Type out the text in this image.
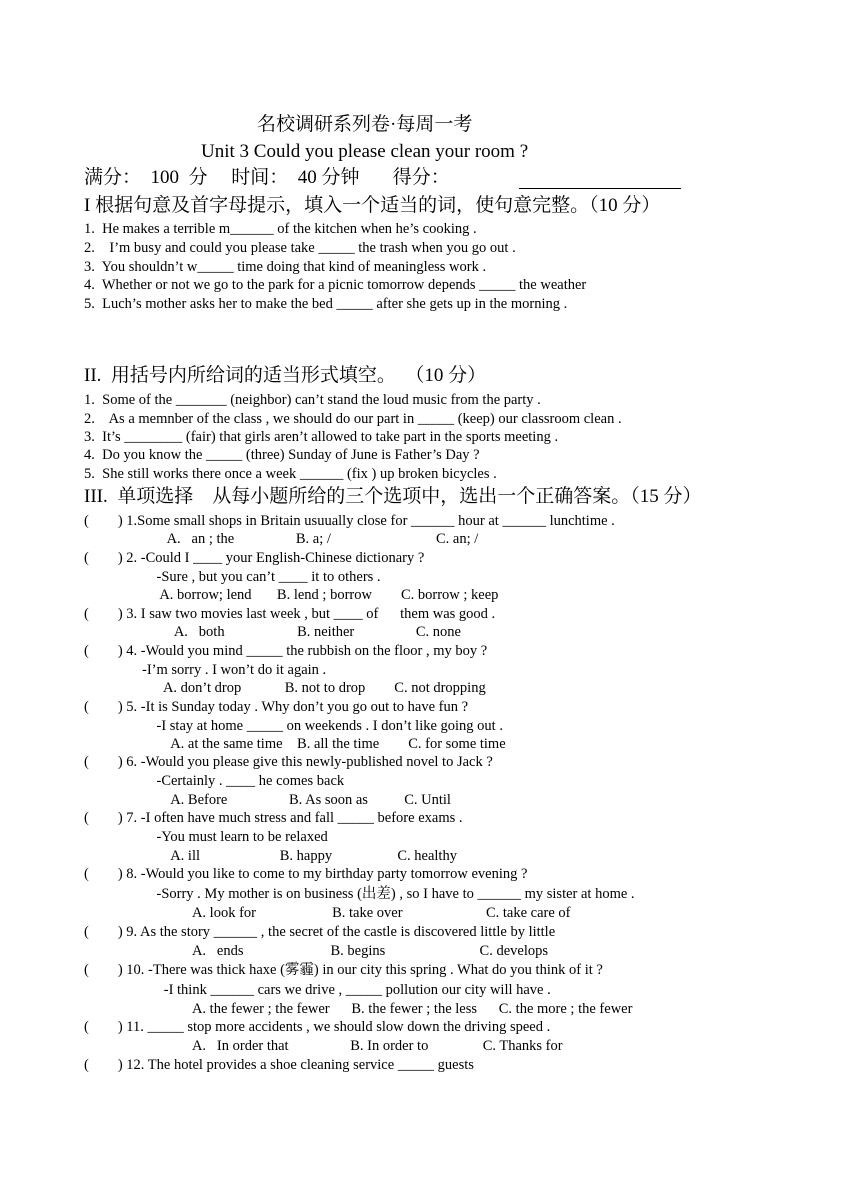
名校调研系列卷·每周一考
Unit 3 Could you please clean your room ?
满分：  100  分     时间：  40 分钟       得分：
I 根据句意及首字母提示，填入一个适当的词，使句意完整。（10 分）
1.  He makes a terrible m______ of the kitchen when he’s cooking .
2.    I’m busy and could you please take _____ the trash when you go out .
3.  You shouldn’t w_____ time doing that kind of meaningless work .
4.  Whether or not we go to the park for a picnic tomorrow depends _____ the weather
5.  Luch’s mother asks her to make the bed _____ after she gets up in the morning .
II.  用括号内所给词的适当形式填空。  （10 分）
1.  Some of the _______ (neighbor) can’t stand the loud music from the party .
2.    As a memnber of the class , we should do our part in _____ (keep) our classroom clean .
3.  It’s ________ (fair) that girls aren’t allowed to take part in the sports meeting .
4.  Do you know the _____ (three) Sunday of June is Father’s Day ?
5.  She still works there once a week ______ (fix ) up broken bicycles .
III.  单项选择    从每小题所给的三个选项中，选出一个正确答案。（15 分）
(        ) 1.Some small shops in Britain usuually close for ______ hour at ______ lunchtime .
A.   an ; the                 B. a; /                             C. an; /
(        ) 2. -Could I ____ your English-Chinese dictionary ?
-Sure , but you can’t ____ it to others .
A. borrow; lend       B. lend ; borrow        C. borrow ; keep
(        ) 3. I saw two movies last week , but ____ of      them was good .
A.   both                    B. neither                 C. none
(        ) 4. -Would you mind _____ the rubbish on the floor , my boy ?
-I’m sorry . I won’t do it again .
A. don’t drop            B. not to drop        C. not dropping
(        ) 5. -It is Sunday today . Why don’t you go out to have fun ?
-I stay at home _____ on weekends . I don’t like going out .
A. at the same time    B. all the time        C. for some time
(        ) 6. -Would you please give this newly-published novel to Jack ?
-Certainly . ____ he comes back
A. Before                 B. As soon as          C. Until
(        ) 7. -I often have much stress and fall _____ before exams .
-You must learn to be relaxed
A. ill                      B. happy                  C. healthy
(        ) 8. -Would you like to come to my birthday party tomorrow evening ?
-Sorry . My mother is on business (出差) , so I have to ______ my sister at home .
A. look for                     B. take over                       C. take care of
(        ) 9. As the story ______ , the secret of the castle is discovered little by little
A.   ends                        B. begins                          C. develops
(        ) 10. -There was thick haxe (雾霾) in our city this spring . What do you think of it ?
-I think ______ cars we drive , _____ pollution our city will have .
A. the fewer ; the fewer      B. the fewer ; the less      C. the more ; the fewer
(        ) 11. _____ stop more accidents , we should slow down the driving speed .
A.   In order that                 B. In order to               C. Thanks for
(        ) 12. The hotel provides a shoe cleaning service _____ guests
